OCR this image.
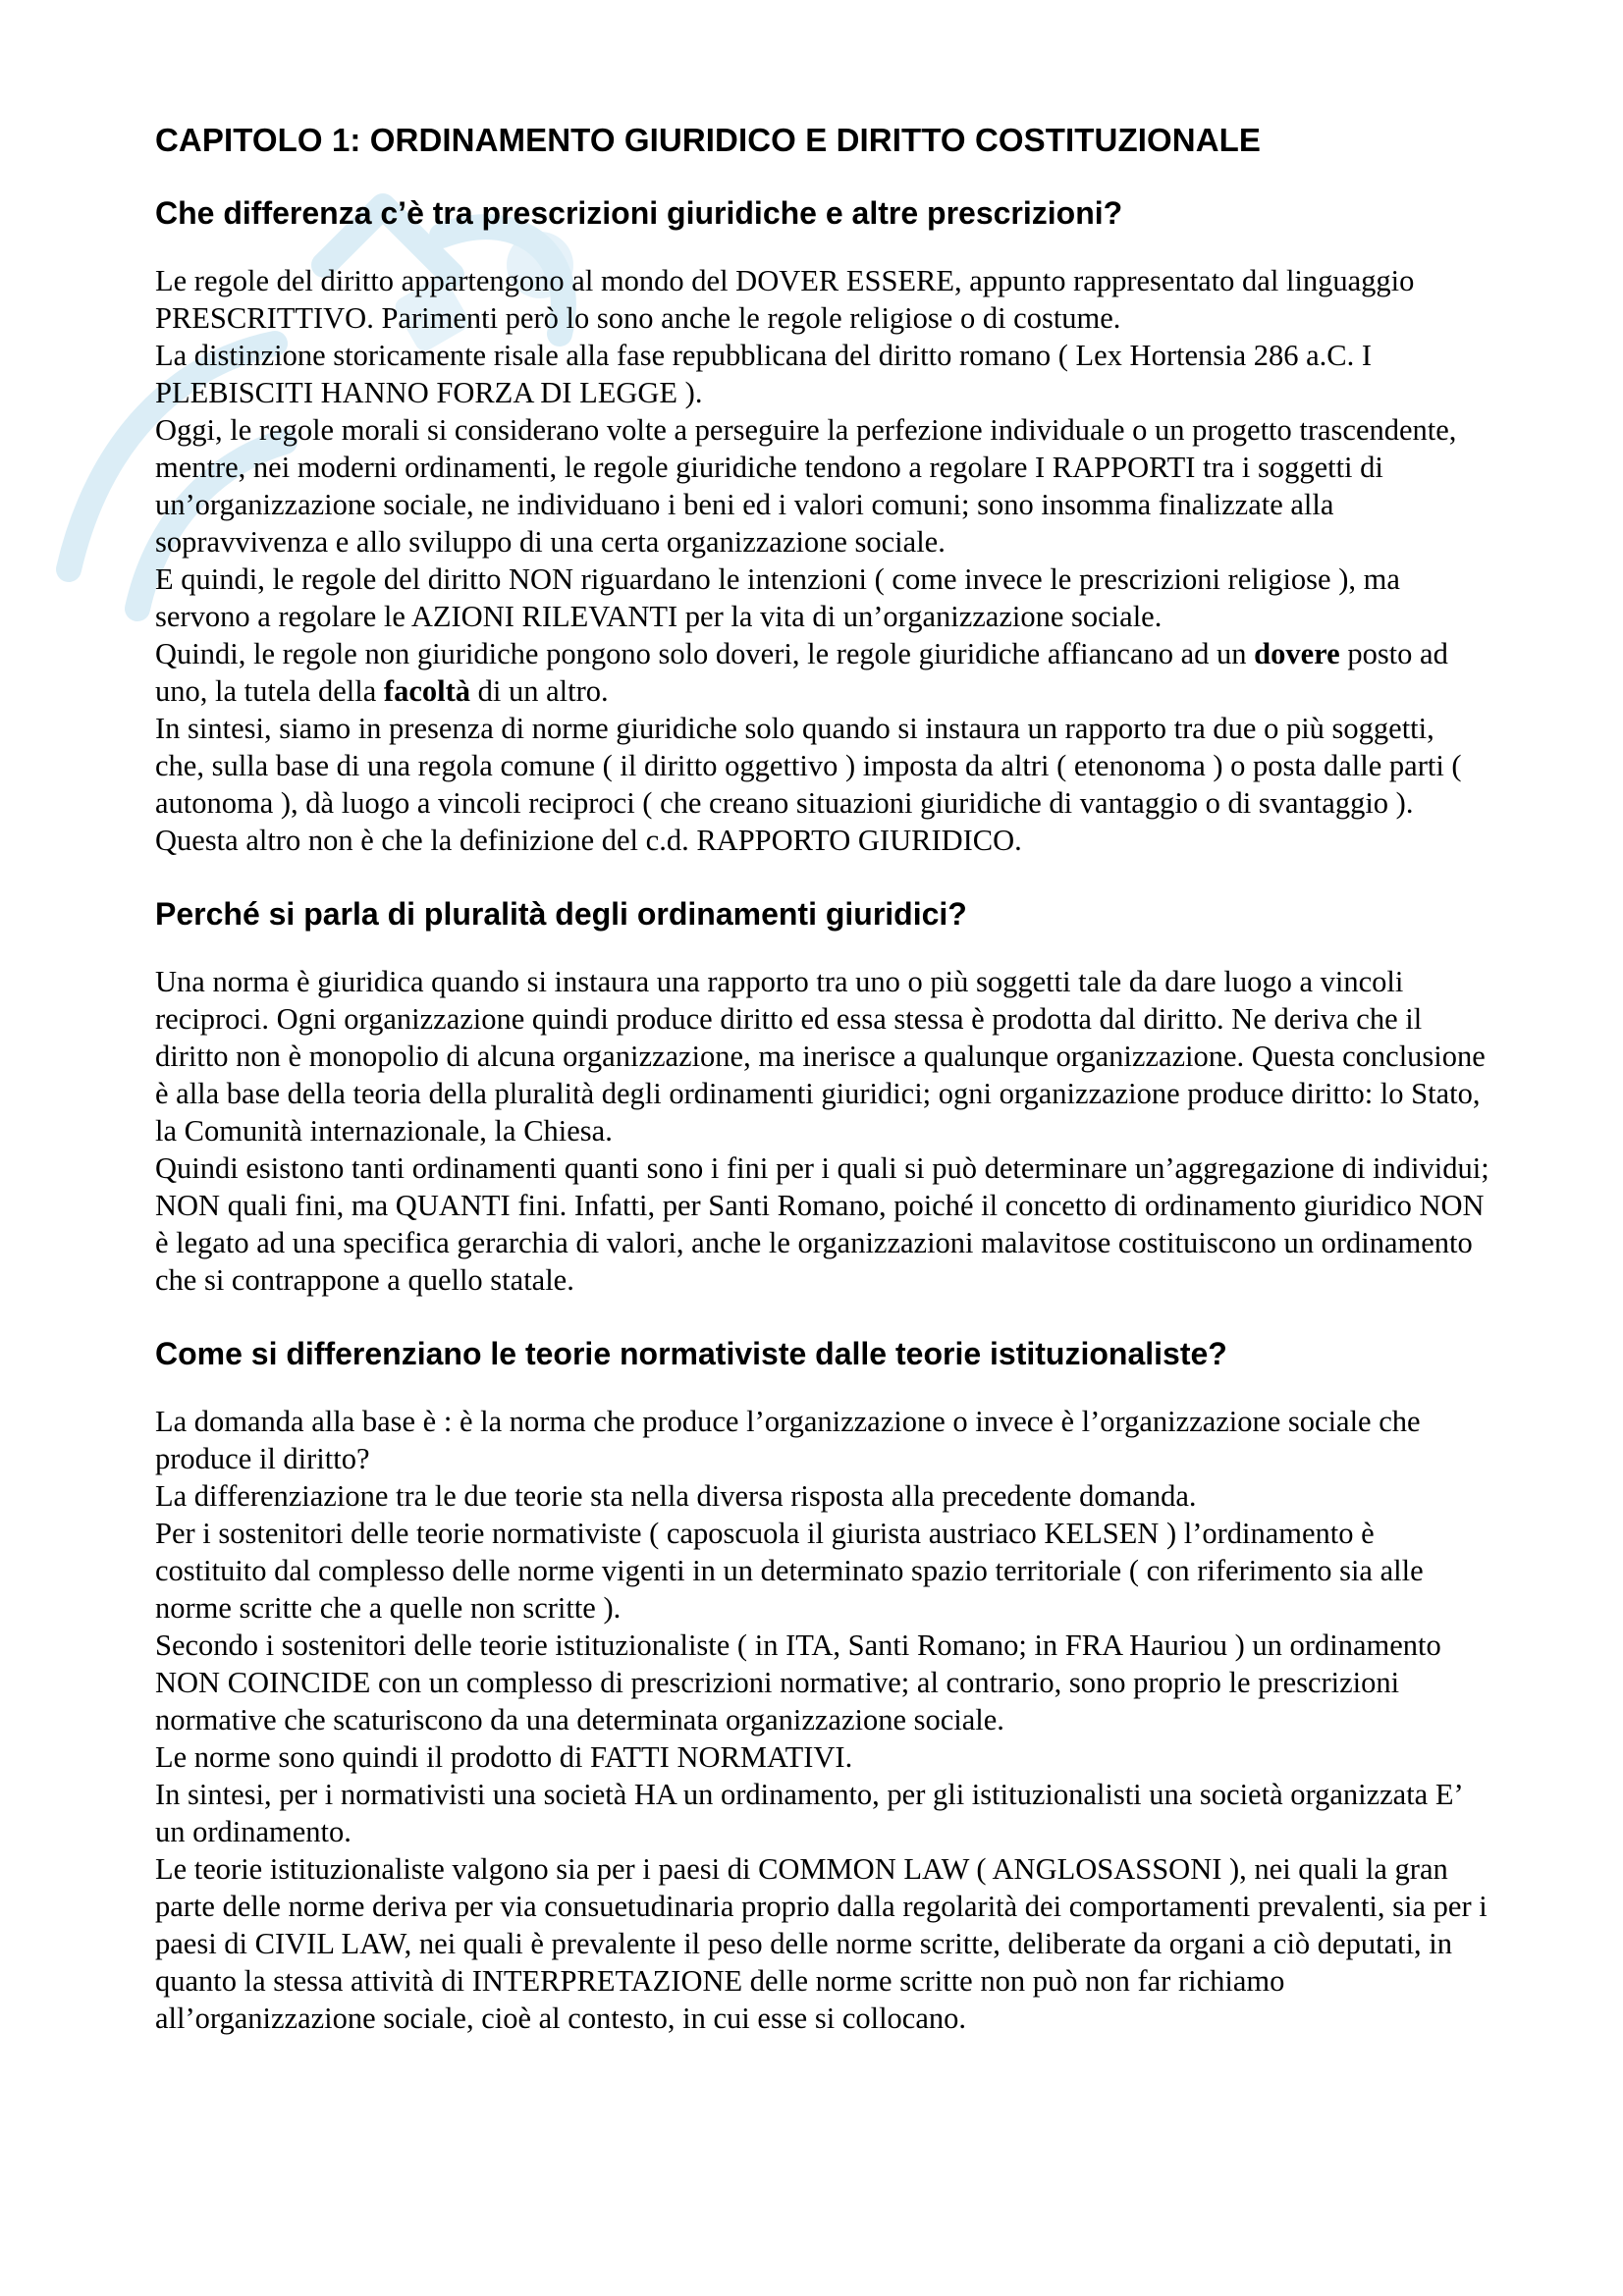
CAPITOLO 1: ORDINAMENTO GIURIDICO E DIRITTO COSTITUZIONALE
Che differenza c’è tra prescrizioni giuridiche e altre prescrizioni?

Le regole del diritto appartengono al mondo del DOVER ESSERE, appunto rappresentato dal linguaggio PRESCRITTIVO. Parimenti però lo sono anche le regole religiose o di costume.
La distinzione storicamente risale alla fase repubblicana del diritto romano ( Lex Hortensia 286 a.C. I PLEBISCITI HANNO FORZA DI LEGGE ).
Oggi, le regole morali si considerano volte a perseguire la perfezione individuale o un progetto trascendente, mentre, nei moderni ordinamenti, le regole giuridiche tendono a regolare I RAPPORTI tra i soggetti di un’organizzazione sociale, ne individuano i beni ed i valori comuni; sono insomma finalizzate alla sopravvivenza e allo sviluppo di una certa organizzazione sociale.
E quindi, le regole del diritto NON riguardano le intenzioni ( come invece le prescrizioni religiose ), ma servono a regolare le AZIONI RILEVANTI per la vita di un’organizzazione sociale.
Quindi, le regole non giuridiche pongono solo doveri, le regole giuridiche affiancano ad un dovere posto ad uno, la tutela della facoltà di un altro.
In sintesi, siamo in presenza di norme giuridiche solo quando si instaura un rapporto tra due o più soggetti, che, sulla base di una regola comune ( il diritto oggettivo ) imposta da altri ( etenonoma ) o posta dalle parti ( autonoma ), dà luogo a vincoli reciproci ( che creano situazioni giuridiche di vantaggio o di svantaggio ).
Questa altro non è che la definizione del c.d. RAPPORTO GIURIDICO.

Perché si parla di pluralità degli ordinamenti giuridici?

Una norma è giuridica quando si instaura una rapporto tra uno o più soggetti tale da dare luogo a vincoli reciproci. Ogni organizzazione quindi produce diritto ed essa stessa è prodotta dal diritto. Ne deriva che il diritto non è monopolio di alcuna organizzazione, ma inerisce a qualunque organizzazione. Questa conclusione è alla base della teoria della pluralità degli ordinamenti giuridici; ogni organizzazione produce diritto: lo Stato, la Comunità internazionale, la Chiesa.
Quindi esistono tanti ordinamenti quanti sono i fini per i quali si può determinare un’aggregazione di individui; NON quali fini, ma QUANTI fini. Infatti, per Santi Romano, poiché il concetto di ordinamento giuridico NON è legato ad una specifica gerarchia di valori, anche le organizzazioni malavitose costituiscono un ordinamento che si contrappone a quello statale.

Come si differenziano le teorie normativiste dalle teorie istituzionaliste?

La domanda alla base è : è la norma che produce l’organizzazione o invece è l’organizzazione sociale che produce il diritto?
La differenziazione tra le due teorie sta nella diversa risposta alla precedente domanda.
Per i sostenitori delle teorie normativiste ( caposcuola il giurista austriaco KELSEN ) l’ordinamento è costituito dal complesso delle norme vigenti in un determinato spazio territoriale ( con riferimento sia alle norme scritte che a quelle non scritte ).
Secondo i sostenitori delle teorie istituzionaliste ( in ITA, Santi Romano; in FRA Hauriou ) un ordinamento NON COINCIDE con un complesso di prescrizioni normative; al contrario, sono proprio le prescrizioni normative che scaturiscono da una determinata organizzazione sociale.
Le norme sono quindi il prodotto di FATTI NORMATIVI.
In sintesi, per i normativisti una società HA un ordinamento, per gli istituzionalisti una società organizzata E’ un ordinamento.
Le teorie istituzionaliste valgono sia per i paesi di COMMON LAW ( ANGLOSASSONI ), nei quali la gran parte delle norme deriva per via consuetudinaria proprio dalla regolarità dei comportamenti prevalenti, sia per i paesi di CIVIL LAW, nei quali è prevalente il peso delle norme scritte, deliberate da organi a ciò deputati, in quanto la stessa attività di INTERPRETAZIONE delle norme scritte non può non far richiamo all’organizzazione sociale, cioè al contesto, in cui esse si collocano.
